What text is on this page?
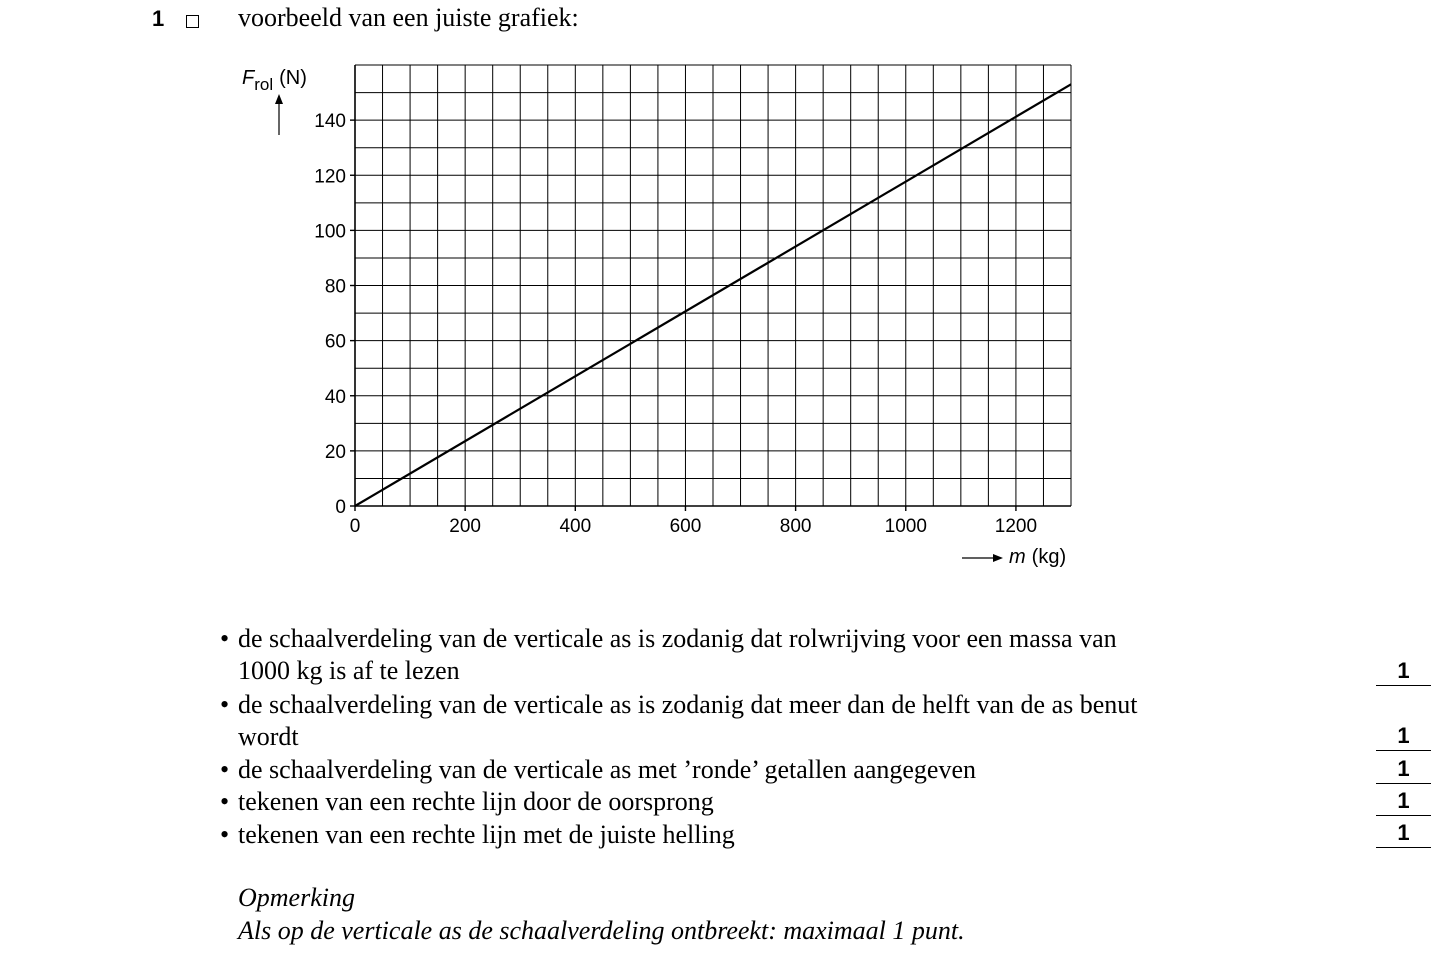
1	voorbeeld van een juiste grafiek:
0	200	400	600	800	1000	1200
0
20
40
60
80
100
120
140
$F_{rol}$ (N)
m (kg)
• de schaalverdeling van de verticale as is zodanig dat rolwrijving voor een massa van
1000 kg is af te lezen	1
• de schaalverdeling van de verticale as is zodanig dat meer dan de helft van de as benut
wordt	1
• de schaalverdeling van de verticale as met ’ronde’ getallen aangegeven	1
• tekenen van een rechte lijn door de oorsprong	1
• tekenen van een rechte lijn met de juiste helling	1
Opmerking
Als op de verticale as de schaalverdeling ontbreekt: maximaal 1 punt.
